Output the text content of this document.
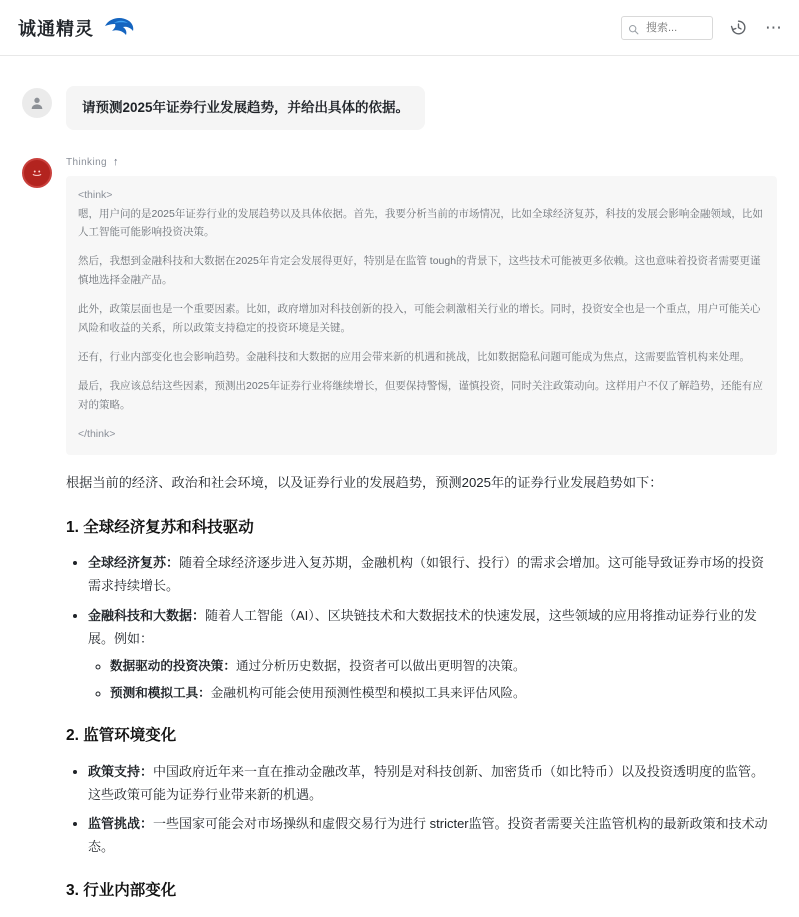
诚通精灵
搜索...	⋯
请预测2025年证券行业发展趋势，并给出具体的依据。
Thinking ↑
<think>

嗯，用户问的是2025年证券行业的发展趋势以及具体依据。首先，我要分析当前的市场情况，比如全球经济复苏，科技的发展会影响金融领域，比如人工智能可能影响投资决策。

然后，我想到金融科技和大数据在2025年肯定会发展得更好，特别是在监管 tough的背景下，这些技术可能被更多依赖。这也意味着投资者需要更谨慎地选择金融产品。

此外，政策层面也是一个重要因素。比如，政府增加对科技创新的投入，可能会刺激相关行业的增长。同时，投资安全也是一个重点，用户可能关心风险和收益的关系，所以政策支持稳定的投资环境是关键。

还有，行业内部变化也会影响趋势。金融科技和大数据的应用会带来新的机遇和挑战，比如数据隐私问题可能成为焦点，这需要监管机构来处理。

最后，我应该总结这些因素，预测出2025年证券行业将继续增长，但要保持警惕，谨慎投资，同时关注政策动向。这样用户不仅了解趋势，还能有应对的策略。

</think>

根据当前的经济、政治和社会环境，以及证券行业的发展趋势，预测2025年的证券行业发展趋势如下：

1. 全球经济复苏和科技驱动
• 全球经济复苏：随着全球经济逐步进入复苏期，金融机构（如银行、投行）的需求会增加。这可能导致证券市场的投资需求持续增长。
• 金融科技和大数据：随着人工智能（AI）、区块链技术和大数据技术的快速发展，这些领域的应用将推动证券行业的发展。例如：
◦ 数据驱动的投资决策：通过分析历史数据，投资者可以做出更明智的决策。
◦ 预测和模拟工具：金融机构可能会使用预测性模型和模拟工具来评估风险。
2. 监管环境变化
• 政策支持：中国政府近年来一直在推动金融改革，特别是对科技创新、加密货币（如比特币）以及投资透明度的监管。这些政策可能为证券行业带来新的机遇。
• 监管挑战：一些国家可能会对市场操纵和虚假交易行为进行 stricter监管。投资者需要关注监管机构的最新政策和技术动态。
3. 行业内部变化
